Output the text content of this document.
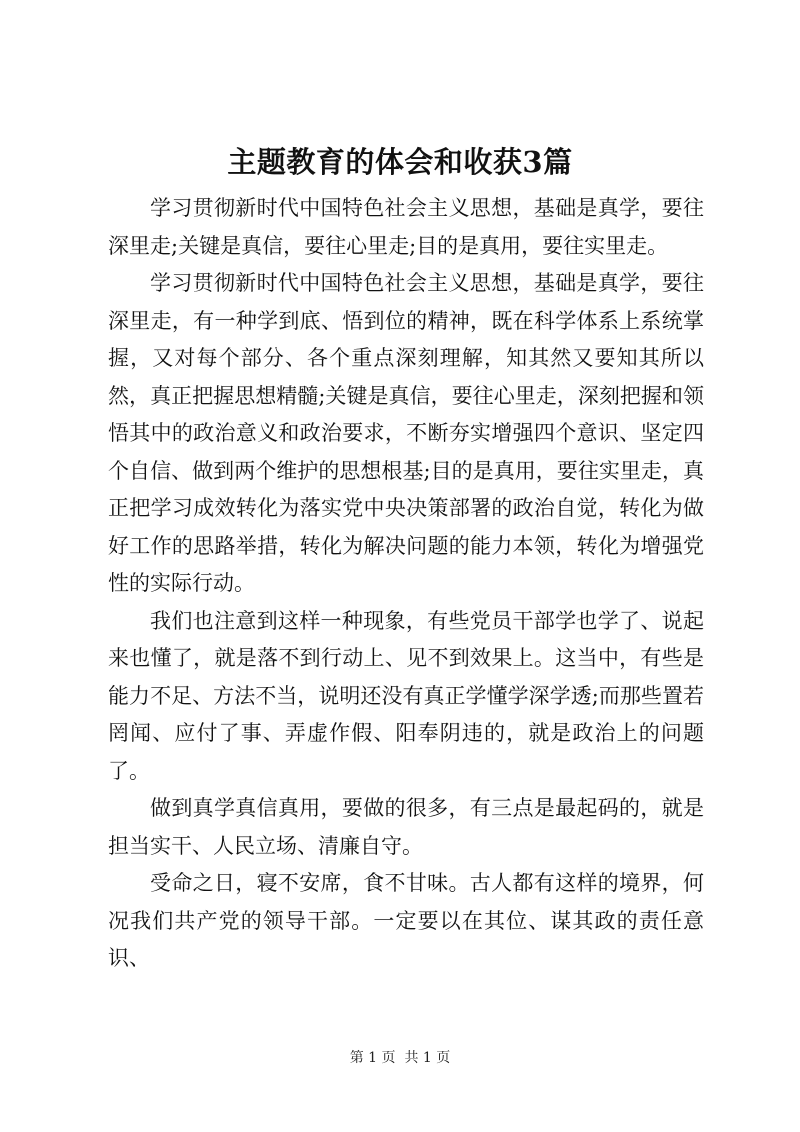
主题教育的体会和收获3篇

学习贯彻新时代中国特色社会主义思想，基础是真学，要往深里走;关键是真信，要往心里走;目的是真用，要往实里走。

学习贯彻新时代中国特色社会主义思想，基础是真学，要往深里走，有一种学到底、悟到位的精神，既在科学体系上系统掌握，又对每个部分、各个重点深刻理解，知其然又要知其所以然，真正把握思想精髓;关键是真信，要往心里走，深刻把握和领悟其中的政治意义和政治要求，不断夯实增强四个意识、坚定四个自信、做到两个维护的思想根基;目的是真用，要往实里走，真正把学习成效转化为落实党中央决策部署的政治自觉，转化为做好工作的思路举措，转化为解决问题的能力本领，转化为增强党性的实际行动。

我们也注意到这样一种现象，有些党员干部学也学了、说起来也懂了，就是落不到行动上、见不到效果上。这当中，有些是能力不足、方法不当，说明还没有真正学懂学深学透;而那些置若罔闻、应付了事、弄虚作假、阳奉阴违的，就是政治上的问题了。

做到真学真信真用，要做的很多，有三点是最起码的，就是担当实干、人民立场、清廉自守。

受命之日，寝不安席，食不甘味。古人都有这样的境界，何况我们共产党的领导干部。一定要以在其位、谋其政的责任意识、

第 1 页  共 1 页
